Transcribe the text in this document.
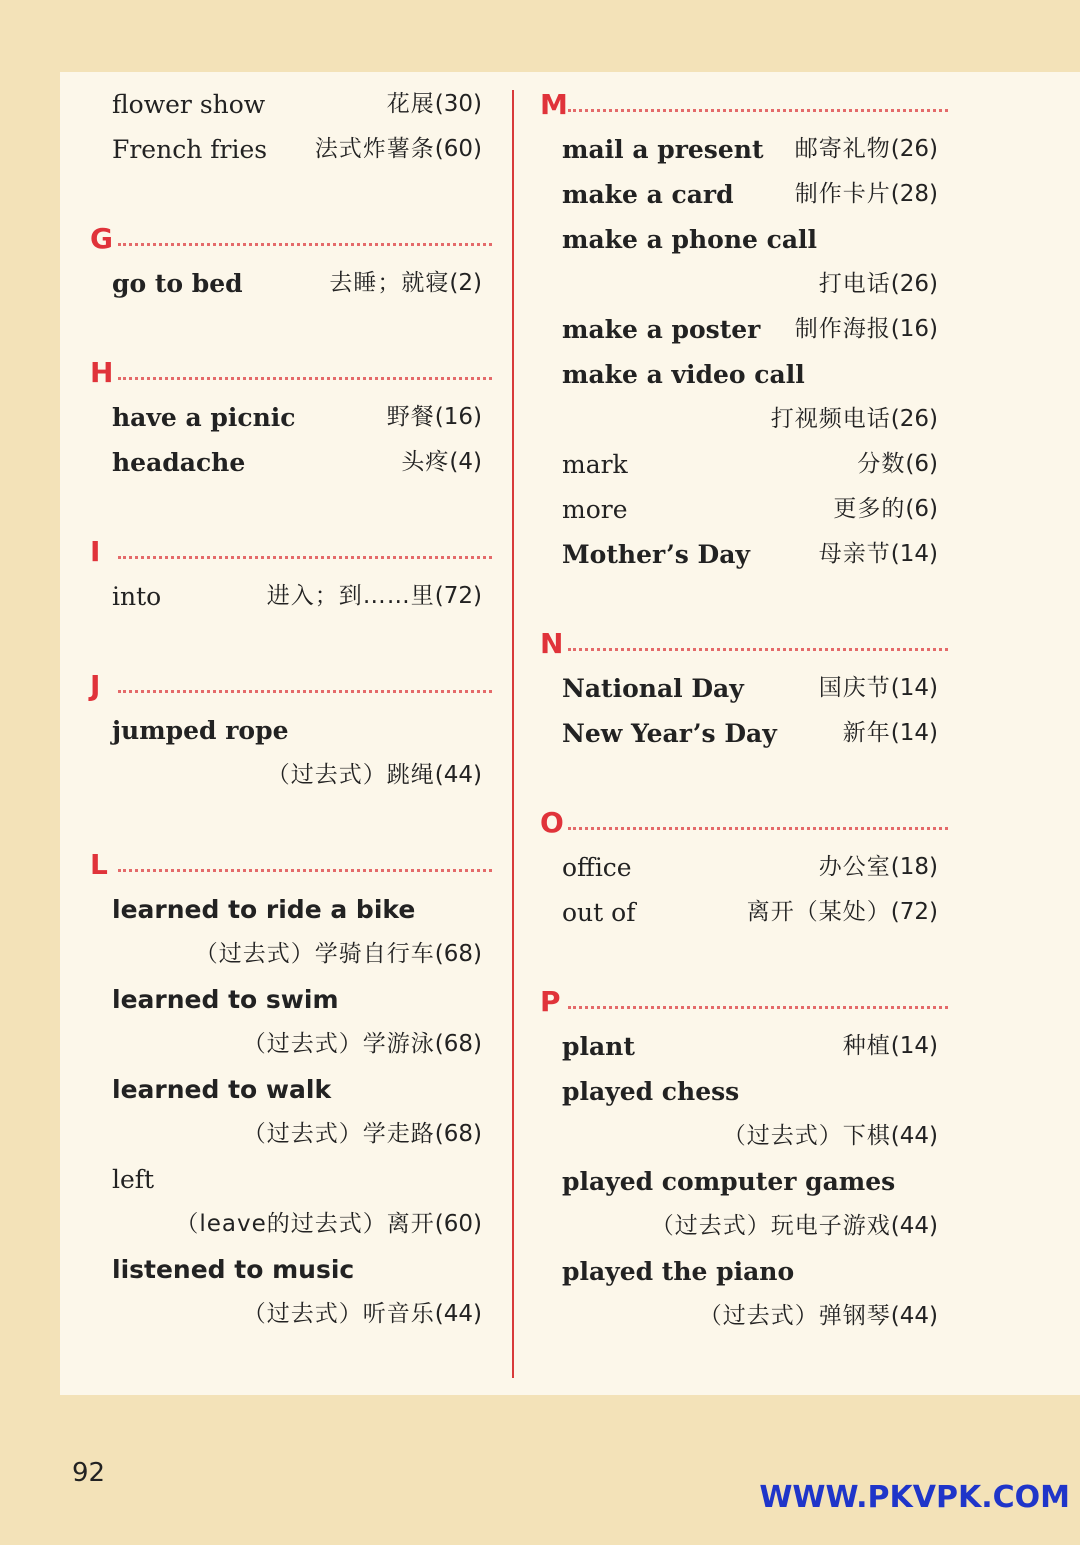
flower show	花展(30)
French fries 法式炸薯条(60)
G
go to bed	去睡；就寝(2)
H
have a picnic	野餐(16)
headache	头疼(4)
I
into	进入；到……里(72)
J
jumped rope
（过去式）跳绳(44)
L
learned to ride a bike
（过去式）学骑自行车(68)
learned to swim
（过去式）学游泳(68)
learned to walk
（过去式）学走路(68)
left
（leave的过去式）离开(60)
listened to music
（过去式）听音乐(44)
M
mail a present 邮寄礼物(26)
make a card	制作卡片(28)
make a phone call
打电话(26)
make a poster 制作海报(16)
make a video call
打视频电话(26)
mark	分数(6)
more	更多的(6)
Mother’s Day	母亲节(14)
N
National Day	国庆节(14)
New Year’s Day	新年(14)
O
office	办公室(18)
out of	离开（某处）(72)
P
plant	种植(14)
played chess
（过去式）下棋(44)
played computer games
（过去式）玩电子游戏(44)
played the piano
（过去式）弹钢琴(44)
92
WWW.PKVPK.COM
